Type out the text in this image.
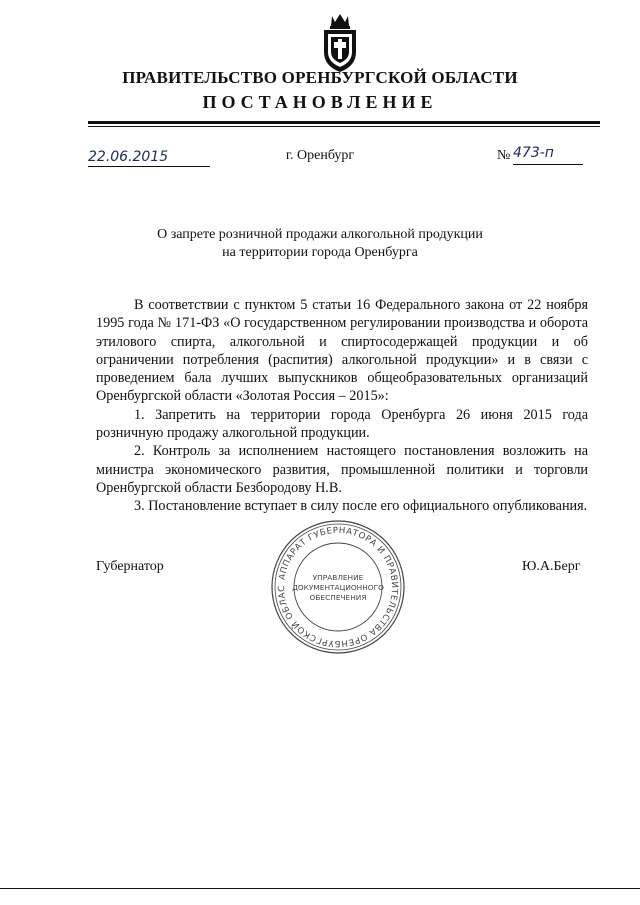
ПРАВИТЕЛЬСТВО ОРЕНБУРГСКОЙ ОБЛАСТИ
ПОСТАНОВЛЕНИЕ
22.06.2015	г. Оренбург	№ 473-п
О запрете розничной продажи алкогольной продукции
на территории города Оренбурга

В соответствии с пунктом 5 статьи 16 Федерального закона от 22 ноября 1995 года № 171-ФЗ «О государственном регулировании производства и оборота этилового спирта, алкогольной и спиртосодержащей продукции и об ограничении потребления (распития) алкогольной продукции» и в связи с проведением бала лучших выпускников общеобразовательных организаций Оренбургской области «Золотая Россия – 2015»:

1. Запретить на территории города Оренбурга 26 июня 2015 года розничную продажу алкогольной продукции.

2. Контроль за исполнением настоящего постановления возложить на министра экономического развития, промышленной политики и торговли Оренбургской области Безбородову Н.В.

3. Постановление вступает в силу после его официального опубликования.

Губернатор	Ю.А.Берг
АППАРАТ ГУБЕРНАТОРА И ПРАВИТЕЛЬСТВА ОРЕНБУРГСКОЙ ОБЛАС
УПРАВЛЕНИЕ
ДОКУМЕНТАЦИОННОГО
ОБЕСПЕЧЕНИЯ
